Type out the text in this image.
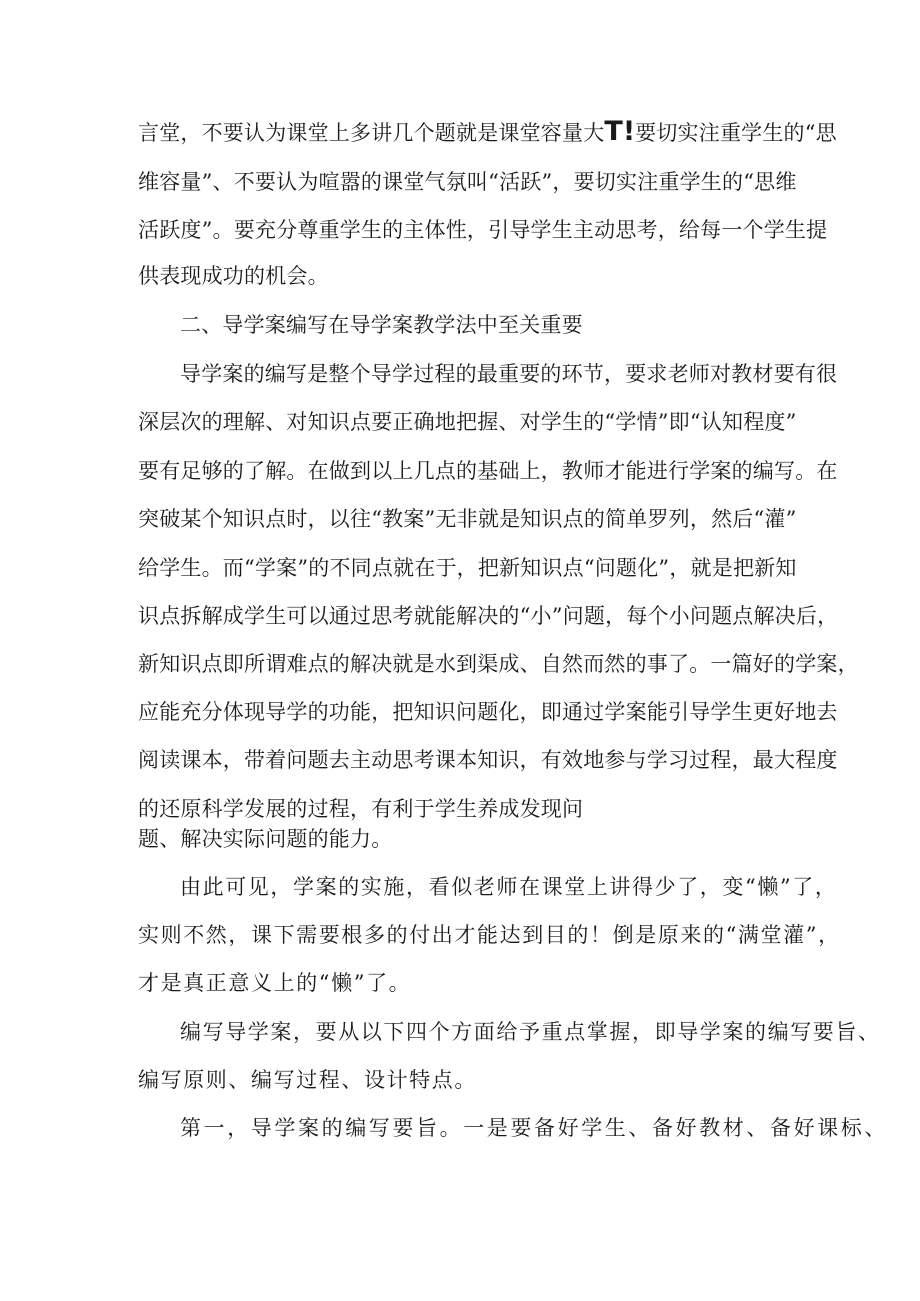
言堂，不要认为课堂上多讲几个题就是课堂容量大T!要切实注重学生的“思
维容量”、不要认为喧嚣的课堂气氛叫“活跃”，要切实注重学生的“思维
活跃度”。要充分尊重学生的主体性，引导学生主动思考，给每一个学生提
供表现成功的机会。
二、导学案编写在导学案教学法中至关重要
导学案的编写是整个导学过程的最重要的环节，要求老师对教材要有很
深层次的理解、对知识点要正确地把握、对学生的“学情”即“认知程度”
要有足够的了解。在做到以上几点的基础上，教师才能进行学案的编写。在
突破某个知识点时，以往“教案”无非就是知识点的简单罗列，然后“灌”
给学生。而“学案”的不同点就在于，把新知识点“问题化”，就是把新知
识点拆解成学生可以通过思考就能解决的“小”问题，每个小问题点解决后，
新知识点即所谓难点的解决就是水到渠成、自然而然的事了。一篇好的学案，
应能充分体现导学的功能，把知识问题化，即通过学案能引导学生更好地去
阅读课本，带着问题去主动思考课本知识，有效地参与学习过程，最大程度
的还原科学发展的过程，有利于学生养成发现问
题、解决实际问题的能力。
由此可见，学案的实施，看似老师在课堂上讲得少了，变“懒”了，
实则不然，课下需要根多的付出才能达到目的！倒是原来的“满堂灌”，
才是真正意义上的“懒”了。
编写导学案，要从以下四个方面给予重点掌握，即导学案的编写要旨、
编写原则、编写过程、设计特点。
第一，导学案的编写要旨。一是要备好学生、备好教材、备好课标、
